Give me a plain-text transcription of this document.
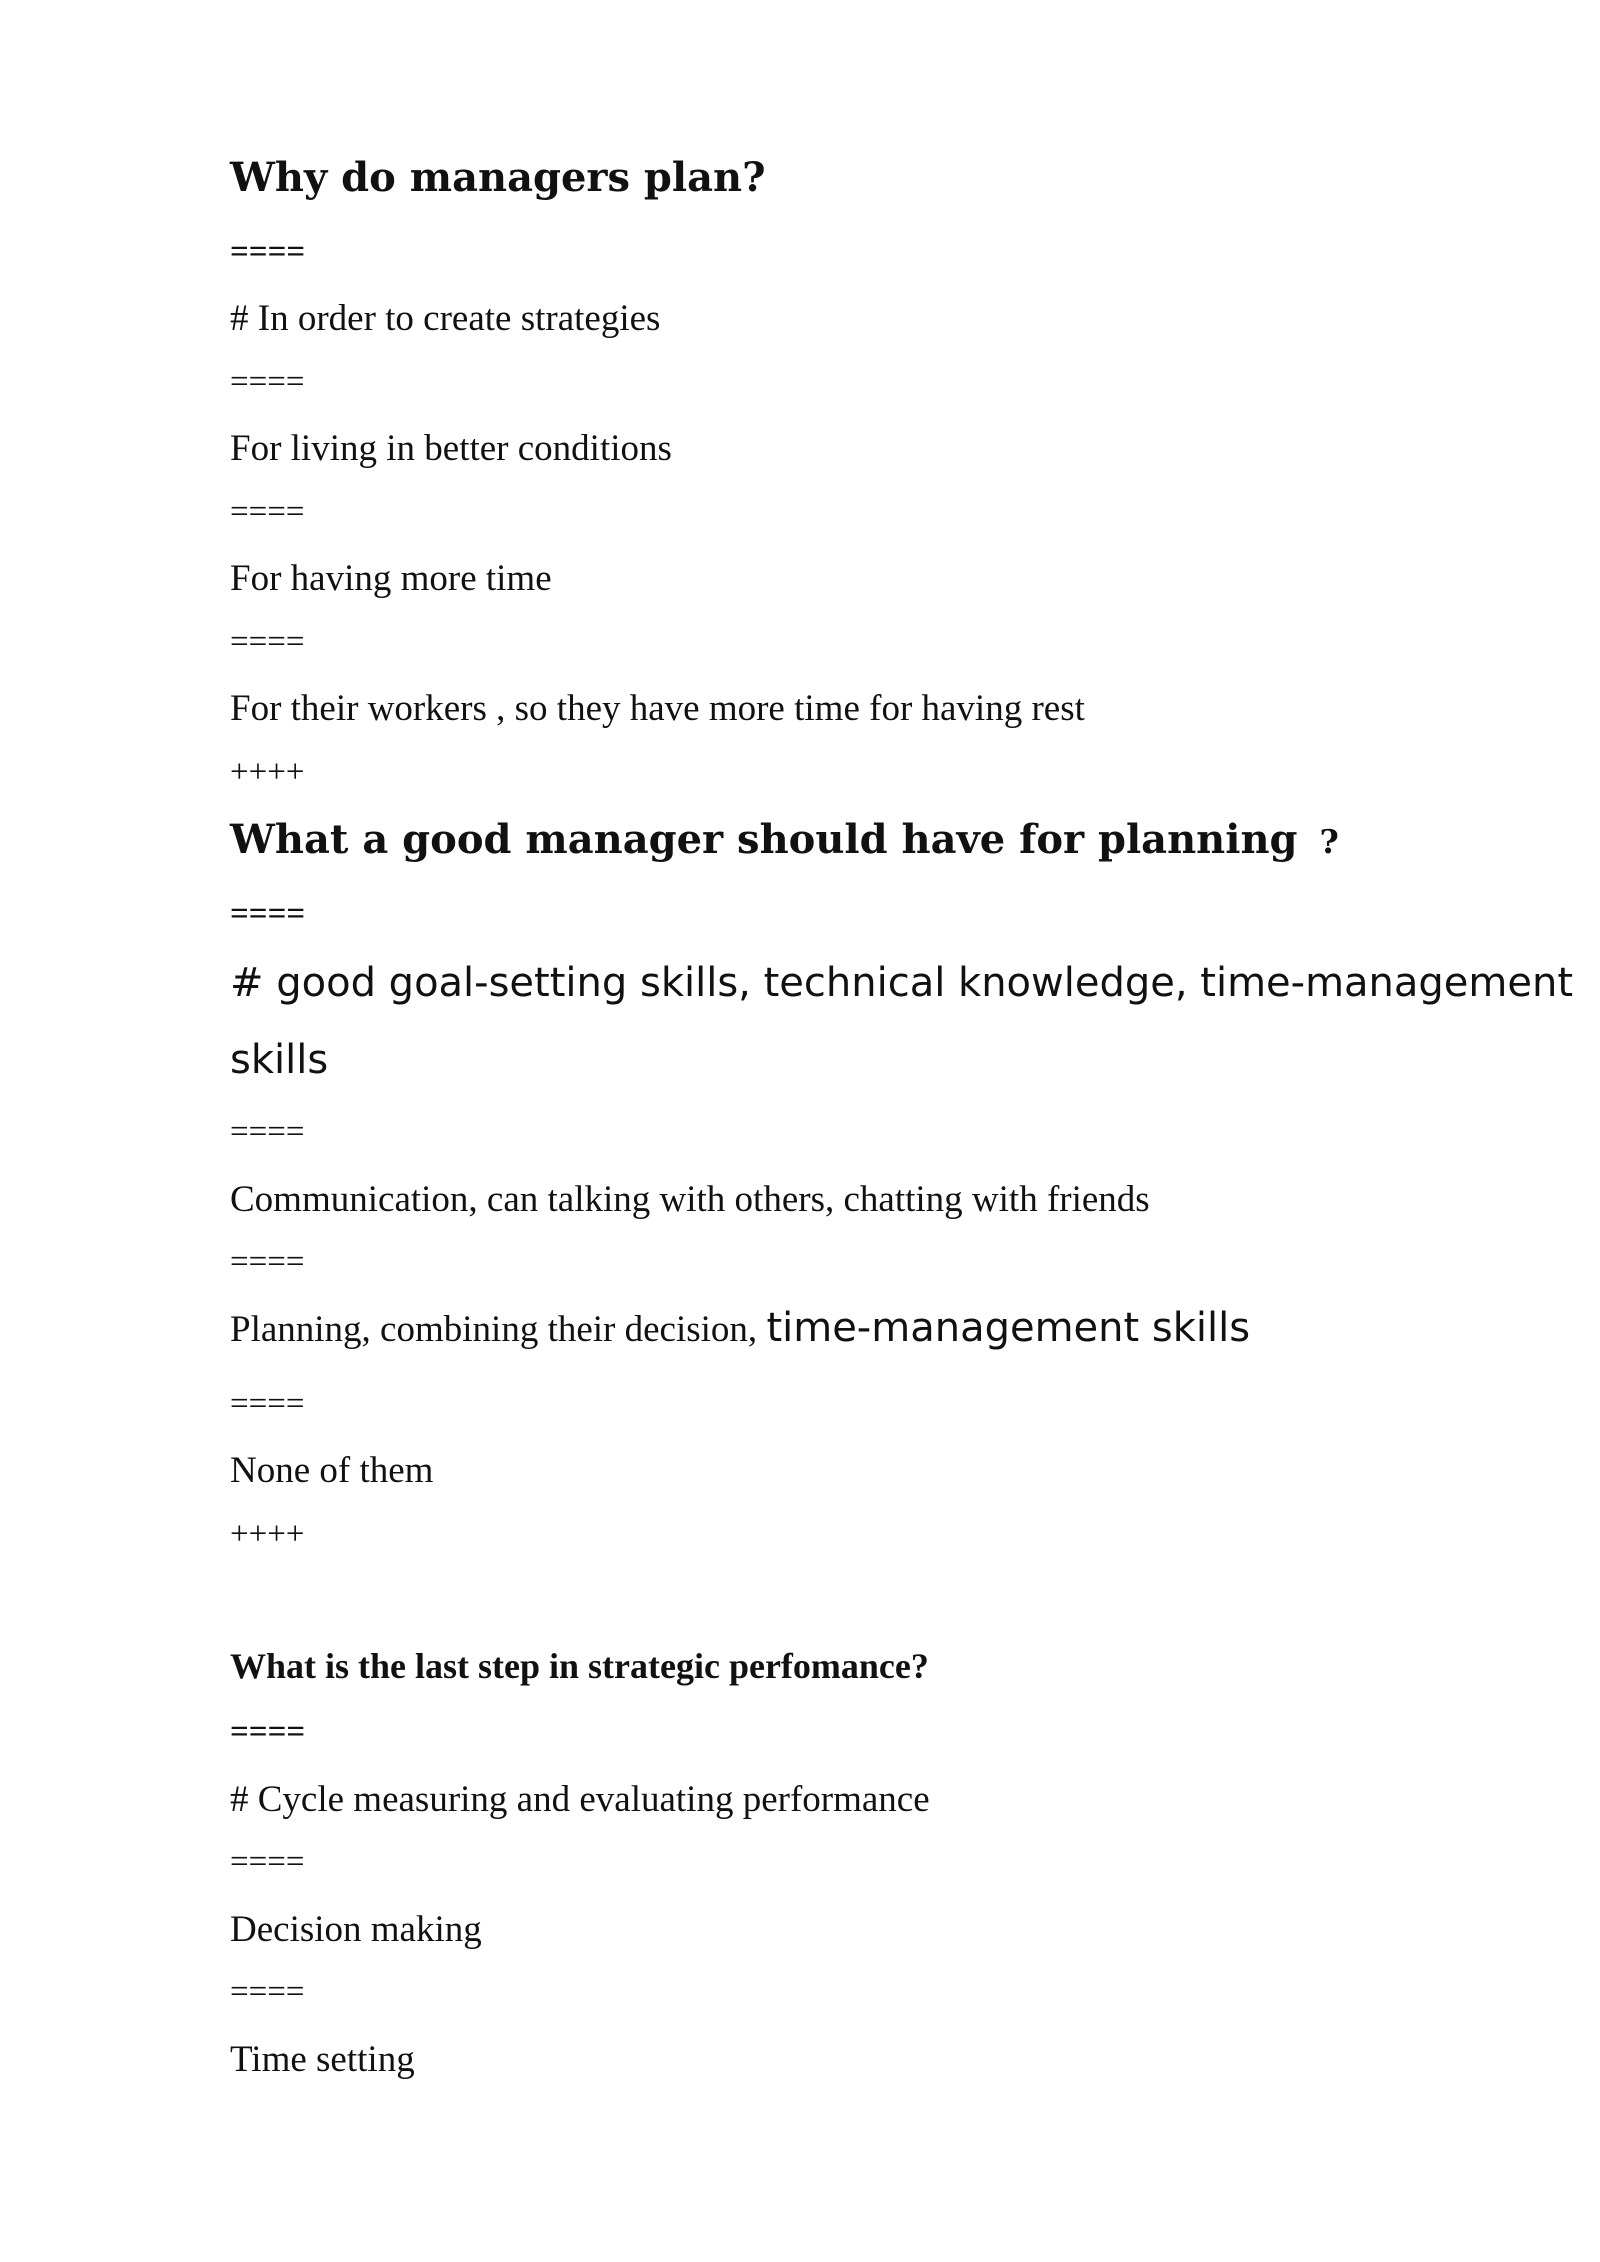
Why do managers plan?
====
# In order to create strategies
====
For living in better conditions
====
For having more time
====
For their workers , so they have more time for having rest
++++
What a good manager should have for planning ?
====
# good goal-setting skills, technical knowledge, time-management
skills
====
Communication, can talking with others, chatting with friends
====
Planning, combining their decision, time-management skills
====
None of them
++++
What is the last step in strategic perfomance?
====
# Cycle measuring and evaluating performance
====
Decision making
====
Time setting
